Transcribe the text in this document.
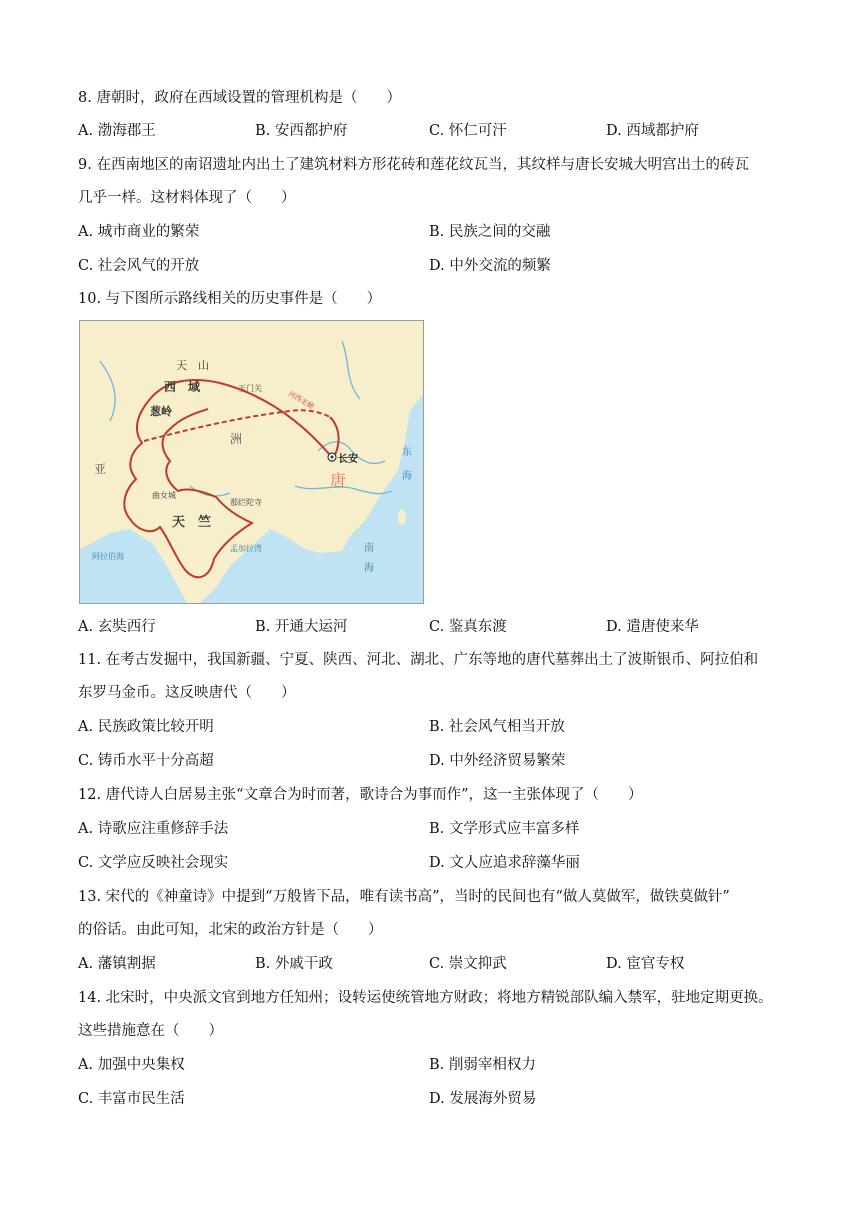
8. 唐朝时，政府在西域设置的管理机构是（　　）
A. 渤海郡王	B. 安西都护府	C. 怀仁可汗	D. 西域都护府
9. 在西南地区的南诏遗址内出土了建筑材料方形花砖和莲花纹瓦当，其纹样与唐长安城大明宫出土的砖瓦
几乎一样。这材料体现了（　　）
A. 城市商业的繁荣	B. 民族之间的交融
C. 社会风气的开放	D. 中外交流的频繁
10. 与下图所示路线相关的历史事件是（　　）
天　山
西　域
葱岭
玉门关
河西走廊
长安
唐
亚
洲
曲女城
那烂陀寺
天　竺
孟加拉湾
阿拉伯海
东
海
南
海
A. 玄奘西行	B. 开通大运河	C. 鉴真东渡	D. 遣唐使来华
11. 在考古发掘中，我国新疆、宁夏、陕西、河北、湖北、广东等地的唐代墓葬出土了波斯银币、阿拉伯和
东罗马金币。这反映唐代（　　）
A. 民族政策比较开明	B. 社会风气相当开放
C. 铸币水平十分高超	D. 中外经济贸易繁荣
12. 唐代诗人白居易主张“文章合为时而著，歌诗合为事而作”，这一主张体现了（　　）
A. 诗歌应注重修辞手法	B. 文学形式应丰富多样
C. 文学应反映社会现实	D. 文人应追求辞藻华丽
13. 宋代的《神童诗》中提到“万般皆下品，唯有读书高”，当时的民间也有“做人莫做军，做铁莫做针”
的俗话。由此可知，北宋的政治方针是（　　）
A. 藩镇割据	B. 外戚干政	C. 崇文抑武	D. 宦官专权
14. 北宋时，中央派文官到地方任知州；设转运使统管地方财政；将地方精锐部队编入禁军，驻地定期更换。
这些措施意在（　　）
A. 加强中央集权	B. 削弱宰相权力
C. 丰富市民生活	D. 发展海外贸易
